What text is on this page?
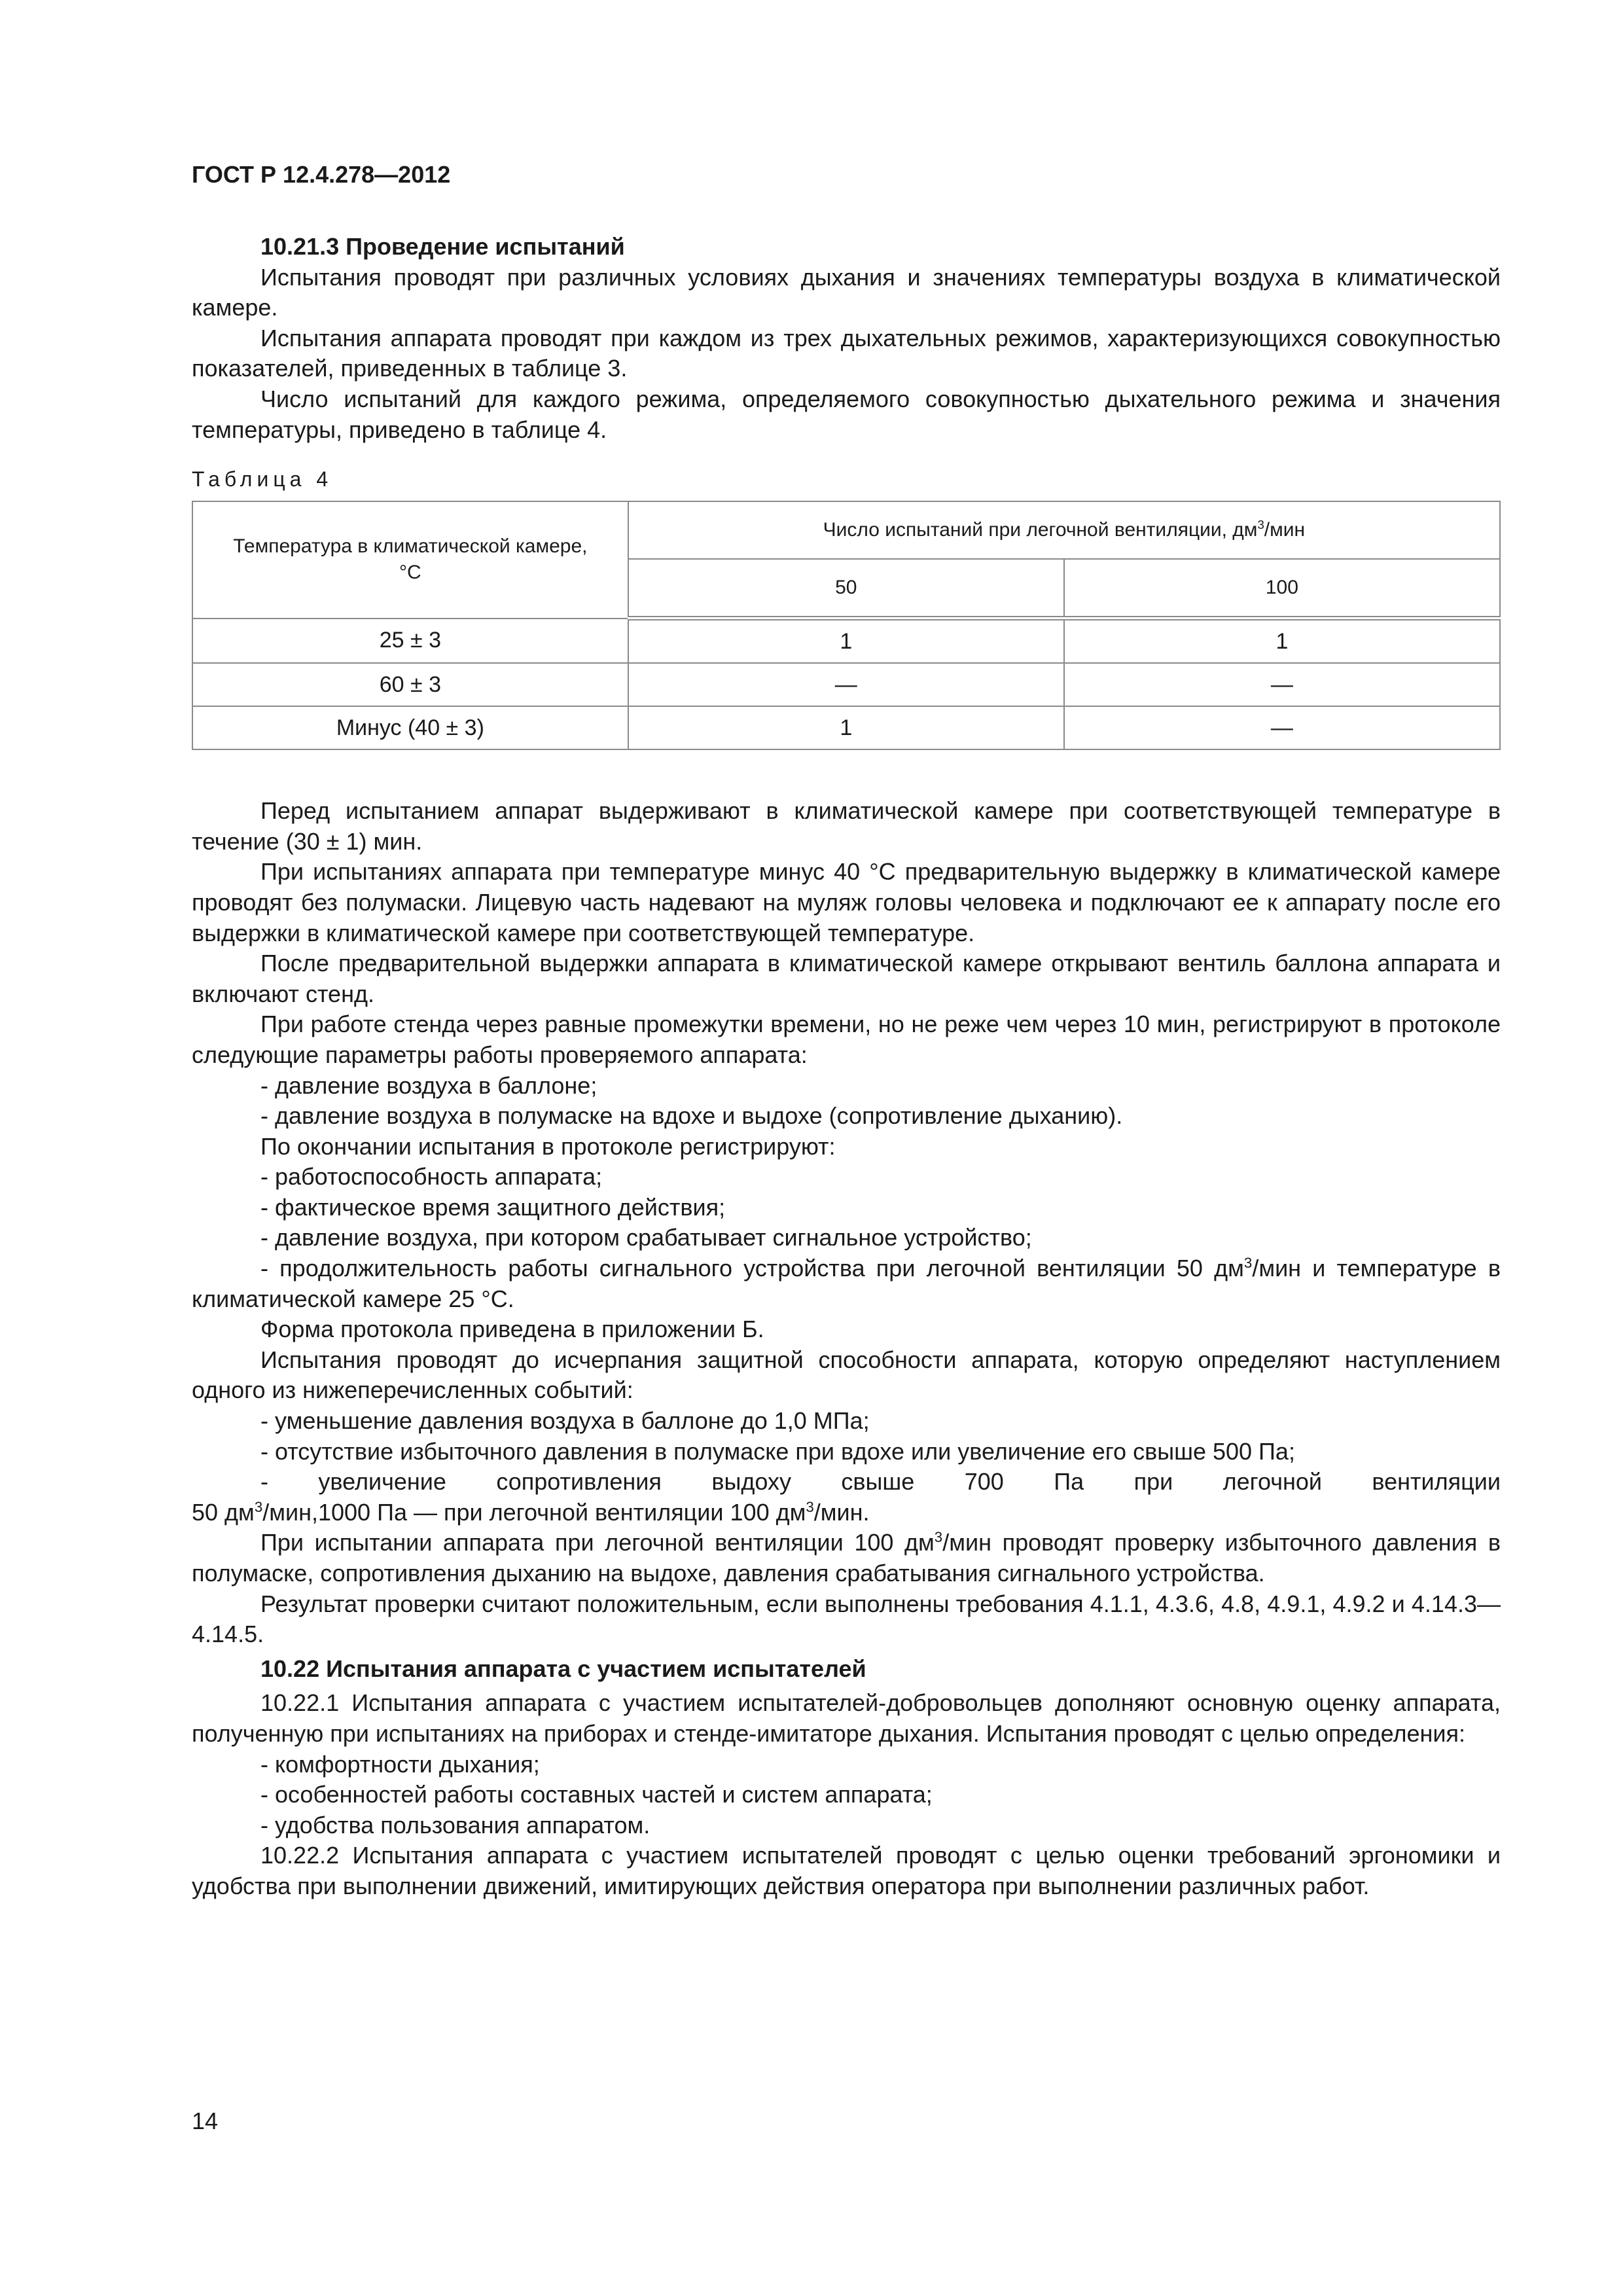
ГОСТ Р 12.4.278—2012

10.21.3 Проведение испытаний

Испытания проводят при различных условиях дыхания и значениях температуры воздуха в климатической камере.

Испытания аппарата проводят при каждом из трех дыхательных режимов, характеризующихся совокупностью показателей, приведенных в таблице 3.

Число испытаний для каждого режима, определяемого совокупностью дыхательного режима и значения температуры, приведено в таблице 4.

Таблица 4

Температура в климатической камере,
°С	Число испытаний при легочной вентиляции, $дм^3$/мин	
	50	100
25 ± 3	1	1
60 ± 3	—	—
Минус (40 ± 3)	1	—

Перед испытанием аппарат выдерживают в климатической камере при соответствующей температуре в течение (30 ± 1) мин.

При испытаниях аппарата при температуре минус 40 °С предварительную выдержку в климатической камере проводят без полумаски. Лицевую часть надевают на муляж головы человека и подключают ее к аппарату после его выдержки в климатической камере при соответствующей температуре.

После предварительной выдержки аппарата в климатической камере открывают вентиль баллона аппарата и включают стенд.

При работе стенда через равные промежутки времени, но не реже чем через 10 мин, регистрируют в протоколе следующие параметры работы проверяемого аппарата:

- давление воздуха в баллоне;

- давление воздуха в полумаске на вдохе и выдохе (сопротивление дыханию).

По окончании испытания в протоколе регистрируют:

- работоспособность аппарата;

- фактическое время защитного действия;

- давление воздуха, при котором срабатывает сигнальное устройство;

- продолжительность работы сигнального устройства при легочной вентиляции 50 $дм^3$/мин и температуре в климатической камере 25 °С.

Форма протокола приведена в приложении Б.

Испытания проводят до исчерпания защитной способности аппарата, которую определяют наступлением одного из нижеперечисленных событий:

- уменьшение давления воздуха в баллоне до 1,0 МПа;

- отсутствие избыточного давления в полумаске при вдохе или увеличение его свыше 500 Па;

- увеличение сопротивления выдоху свыше 700 Па при легочной вентиляции

50 $дм^3/мин,1000$ Па — при легочной вентиляции 100 $дм^3$/мин.

При испытании аппарата при легочной вентиляции 100 $дм^3$/мин проводят проверку избыточного давления в полумаске, сопротивления дыханию на выдохе, давления срабатывания сигнального устройства.

Результат проверки считают положительным, если выполнены требования 4.1.1, 4.3.6, 4.8, 4.9.1, 4.9.2 и 4.14.3—4.14.5.

10.22 Испытания аппарата с участием испытателей

10.22.1 Испытания аппарата с участием испытателей-добровольцев дополняют основную оценку аппарата, полученную при испытаниях на приборах и стенде-имитаторе дыхания. Испытания проводят с целью определения:

- комфортности дыхания;

- особенностей работы составных частей и систем аппарата;

- удобства пользования аппаратом.

10.22.2 Испытания аппарата с участием испытателей проводят с целью оценки требований эргономики и удобства при выполнении движений, имитирующих действия оператора при выполнении различных работ.

14
